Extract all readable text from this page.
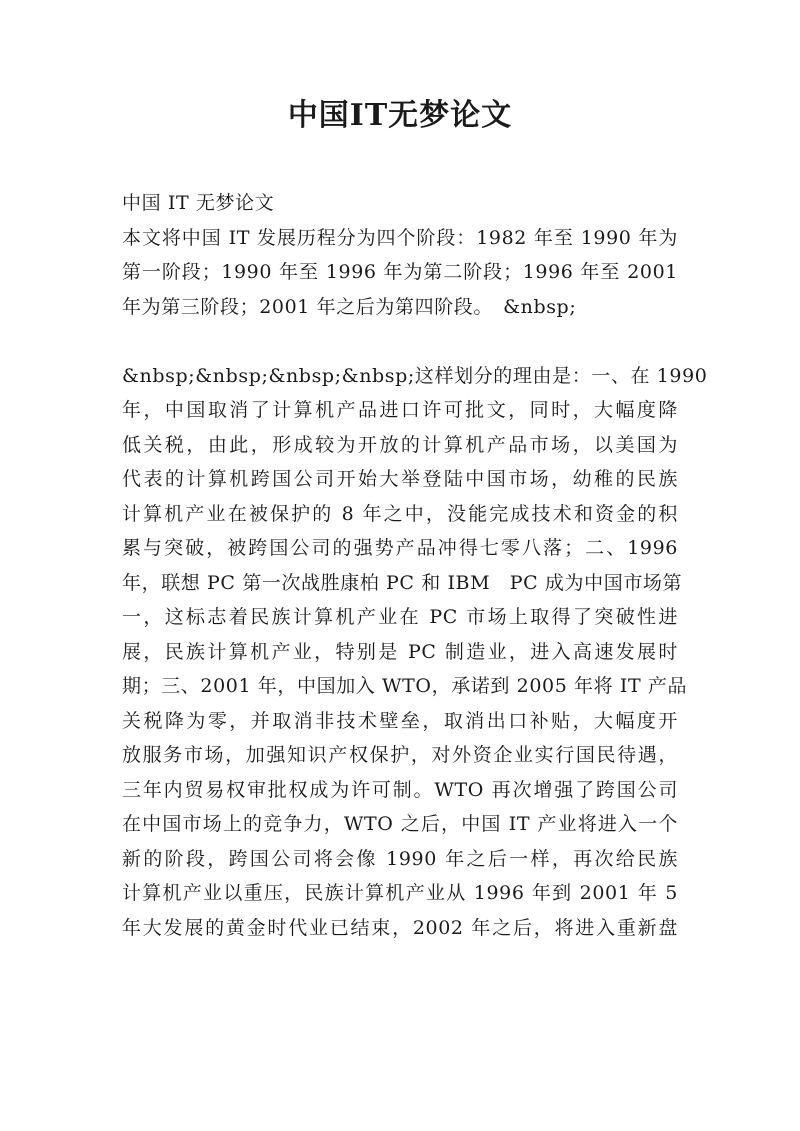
中国IT无梦论文
中国 IT 无梦论文
本文将中国 IT 发展历程分为四个阶段：1982 年至 1990 年为
第一阶段；1990 年至 1996 年为第二阶段；1996 年至 2001
年为第三阶段；2001 年之后为第四阶段。　&nbsp;
&nbsp;&nbsp;&nbsp;&nbsp;这样划分的理由是：一、在 1990
年，中国取消了计算机产品进口许可批文，同时，大幅度降
低关税，由此，形成较为开放的计算机产品市场，以美国为
代表的计算机跨国公司开始大举登陆中国市场，幼稚的民族
计算机产业在被保护的 8 年之中，没能完成技术和资金的积
累与突破，被跨国公司的强势产品冲得七零八落；二、1996
年，联想 PC 第一次战胜康柏 PC 和 IBM　PC 成为中国市场第
一，这标志着民族计算机产业在 PC 市场上取得了突破性进
展，民族计算机产业，特别是 PC 制造业，进入高速发展时
期；三、2001 年，中国加入 WTO，承诺到 2005 年将 IT 产品
关税降为零，并取消非技术壁垒，取消出口补贴，大幅度开
放服务市场，加强知识产权保护，对外资企业实行国民待遇，
三年内贸易权审批权成为许可制。WTO 再次增强了跨国公司
在中国市场上的竞争力，WTO 之后，中国 IT 产业将进入一个
新的阶段，跨国公司将会像 1990 年之后一样，再次给民族
计算机产业以重压，民族计算机产业从 1996 年到 2001 年 5
年大发展的黄金时代业已结束，2002 年之后，将进入重新盘
